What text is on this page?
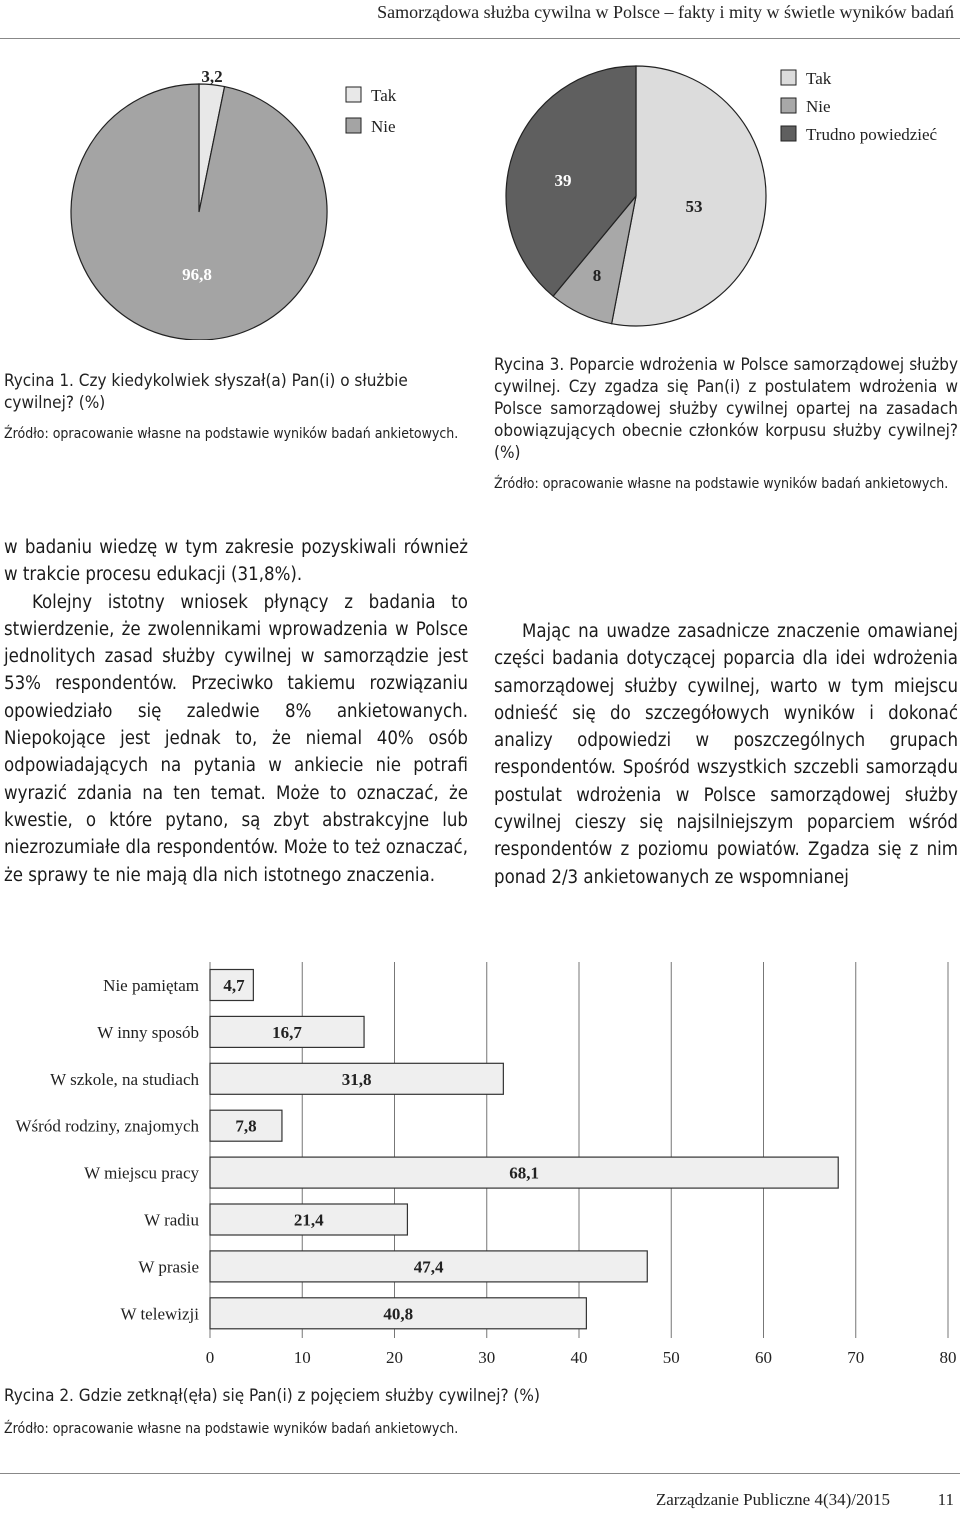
Samorządowa służba cywilna w Polsce – fakty i mity w świetle wyników badań
Tak
Nie
3,2
96,8
Tak
Nie
Trudno powiedzieć
53
8
39

Rycina 1. Czy kiedykolwiek słyszał(a) Pan(i) o służbie cywilnej? (%)

Źródło: opracowanie własne na podstawie wyników badań ankietowych.

w badaniu wiedzę w tym zakresie pozyskiwali również w trakcie procesu edukacji (31,8%).

Kolejny istotny wniosek płynący z badania to stwierdzenie, że zwolennikami wprowadzenia w Polsce jednolitych zasad służby cywilnej w samorządzie jest 53% respondentów. Przeciwko takiemu rozwiązaniu opowiedziało się zaledwie 8% ankietowanych. Niepokojące jest jednak to, że niemal 40% osób odpowiadających na pytania w ankiecie nie potrafi wyrazić zdania na ten temat. Może to oznaczać, że kwestie, o które pytano, są zbyt abstrakcyjne lub niezrozumiałe dla respondentów. Może to też oznaczać, że sprawy te nie mają dla nich istotnego znaczenia.

Rycina 3. Poparcie wdrożenia w Polsce samorządowej służby cywilnej. Czy zgadza się Pan(i) z postulatem wdrożenia w Polsce samorządowej służby cywilnej opartej na zasadach obowiązujących obecnie członków korpusu służby cywilnej? (%)

Źródło: opracowanie własne na podstawie wyników badań ankietowych.

Mając na uwadze zasadnicze znaczenie omawianej części badania dotyczącej poparcia dla idei wdrożenia samorządowej służby cywilnej, warto w tym miejscu odnieść się do szczegółowych wyników i dokonać analizy odpowiedzi w poszczególnych grupach respondentów. Spośród wszystkich szczebli samorządu postulat wdrożenia w Polsce samorządowej służby cywilnej cieszy się najsilniejszym poparciem wśród respondentów z poziomu powiatów. Zgadza się z nim ponad 2/3 ankietowanych ze wspomnianej

Nie pamiętam
W inny sposób
W szkole, na studiach
Wśród rodziny, znajomych
W miejscu pracy
W radiu
W prasie
W telewizji
4,7
16,7
31,8
7,8
68,1
21,4
47,4
40,8
0	10	20	30	40	50	60	70	80

Rycina 2. Gdzie zetknął(ęła) się Pan(i) z pojęciem służby cywilnej? (%)

Źródło: opracowanie własne na podstawie wyników badań ankietowych.

Zarządzanie Publiczne 4(34)/2015	11
